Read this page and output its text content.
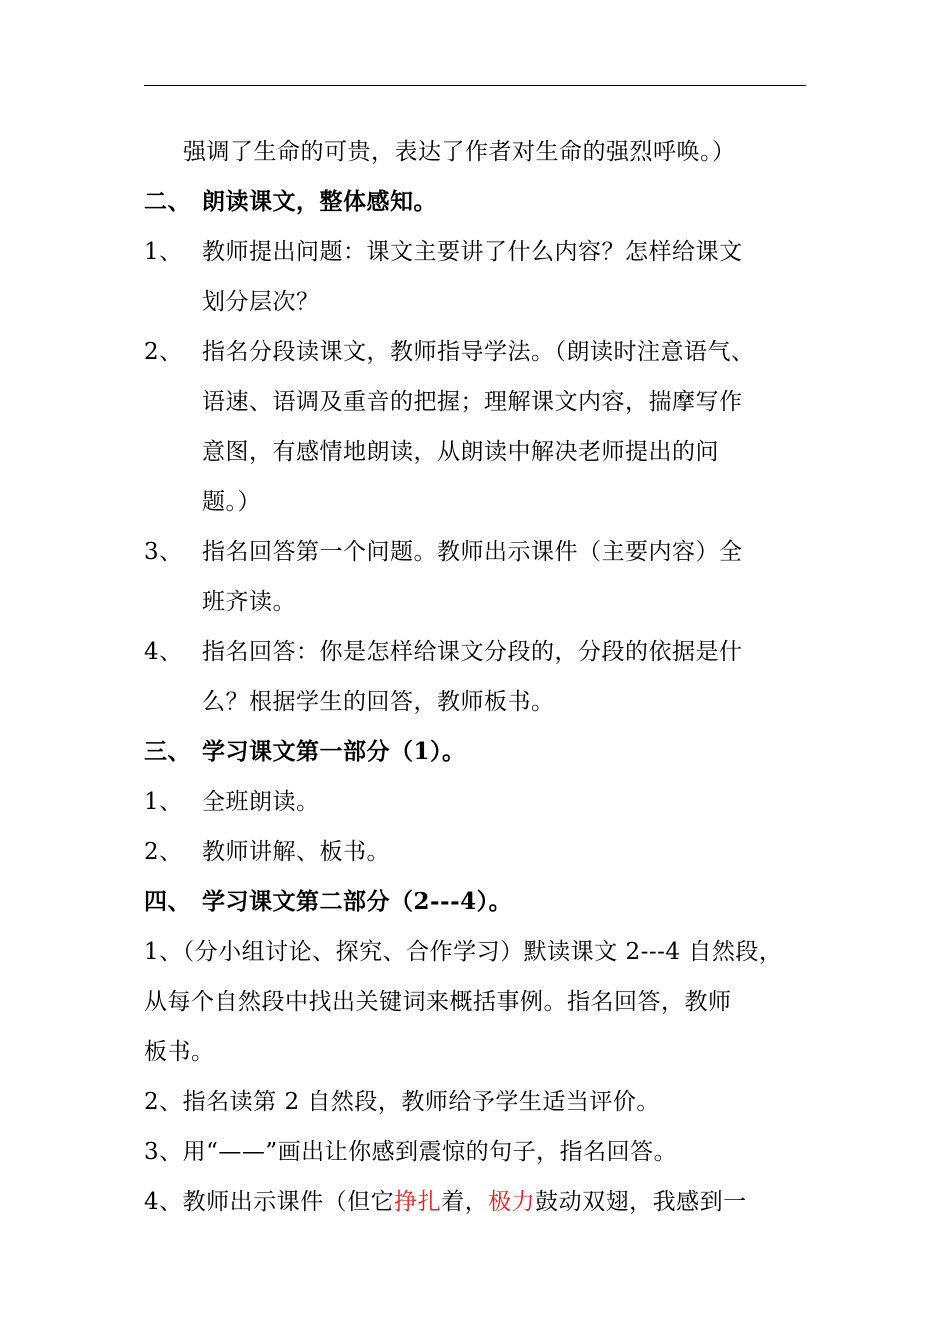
强调了生命的可贵，表达了作者对生命的强烈呼唤。）
二、 朗读课文，整体感知。
1、 教师提出问题：课文主要讲了什么内容？怎样给课文
划分层次？
2、 指名分段读课文，教师指导学法。（朗读时注意语气、
语速、语调及重音的把握；理解课文内容，揣摩写作
意图，有感情地朗读，从朗读中解决老师提出的问
题。）
3、 指名回答第一个问题。教师出示课件（主要内容）全
班齐读。
4、 指名回答：你是怎样给课文分段的，分段的依据是什
么？根据学生的回答，教师板书。
三、 学习课文第一部分（1）。
1、 全班朗读。
2、 教师讲解、板书。
四、 学习课文第二部分（2---4）。
1、（分小组讨论、探究、合作学习）默读课文 2---4 自然段，
从每个自然段中找出关键词来概括事例。指名回答，教师
板书。
2、指名读第 2 自然段，教师给予学生适当评价。
3、用“——”画出让你感到震惊的句子，指名回答。
4、教师出示课件（但它挣扎着，极力鼓动双翅，我感到一
